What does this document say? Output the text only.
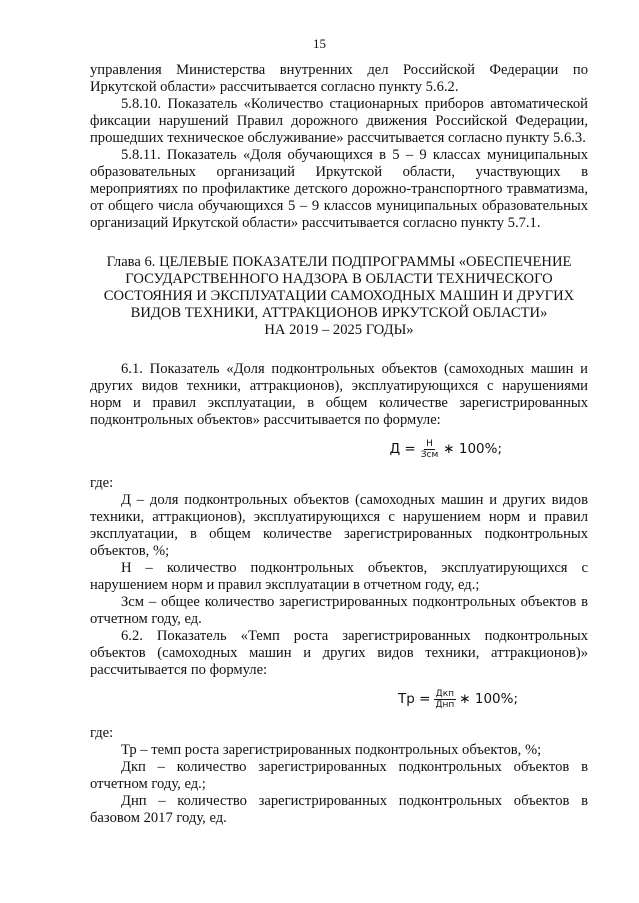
15

управления Министерства внутренних дел Российской Федерации по Иркутской области» рассчитывается согласно пункту 5.6.2.

5.8.10. Показатель «Количество стационарных приборов автоматической фиксации нарушений Правил дорожного движения Российской Федерации, прошедших техническое обслуживание» рассчитывается согласно пункту 5.6.3.

5.8.11. Показатель «Доля обучающихся в 5 – 9 классах муниципальных образовательных организаций Иркутской области, участвующих в мероприятиях по профилактике детского дорожно-транспортного травматизма, от общего числа обучающихся 5 – 9 классов муниципальных образовательных организаций Иркутской области» рассчитывается согласно пункту 5.7.1.

Глава 6. ЦЕЛЕВЫЕ ПОКАЗАТЕЛИ ПОДПРОГРАММЫ «ОБЕСПЕЧЕНИЕ
ГОСУДАРСТВЕННОГО НАДЗОРА В ОБЛАСТИ ТЕХНИЧЕСКОГО
СОСТОЯНИЯ И ЭКСПЛУАТАЦИИ САМОХОДНЫХ МАШИН И ДРУГИХ
ВИДОВ ТЕХНИКИ, АТТРАКЦИОНОВ ИРКУТСКОЙ ОБЛАСТИ»
НА 2019 – 2025 ГОДЫ»

6.1. Показатель «Доля подконтрольных объектов (самоходных машин и других видов техники, аттракционов), эксплуатирующихся с нарушениями норм и правил эксплуатации, в общем количестве зарегистрированных подконтрольных объектов» рассчитывается по формуле:

$Д = \frac{Н}{\text{Зсм}}$ ∗ 100%;

где:

Д – доля подконтрольных объектов (самоходных машин и других видов техники, аттракционов), эксплуатирующихся с нарушением норм и правил эксплуатации, в общем количестве зарегистрированных подконтрольных объектов, %;

Н – количество подконтрольных объектов, эксплуатирующихся с нарушением норм и правил эксплуатации в отчетном году, ед.;

Зсм – общее количество зарегистрированных подконтрольных объектов в отчетном году, ед.

6.2. Показатель «Темп роста зарегистрированных подконтрольных объектов (самоходных машин и других видов техники, аттракционов)» рассчитывается по формуле:

Тр = $\frac{\text{Дкп}}{\text{Днп}}$ ∗ 100%;

где:

Тр – темп роста зарегистрированных подконтрольных объектов, %;

Дкп – количество зарегистрированных подконтрольных объектов в отчетном году, ед.;

Днп – количество зарегистрированных подконтрольных объектов в базовом 2017 году, ед.
